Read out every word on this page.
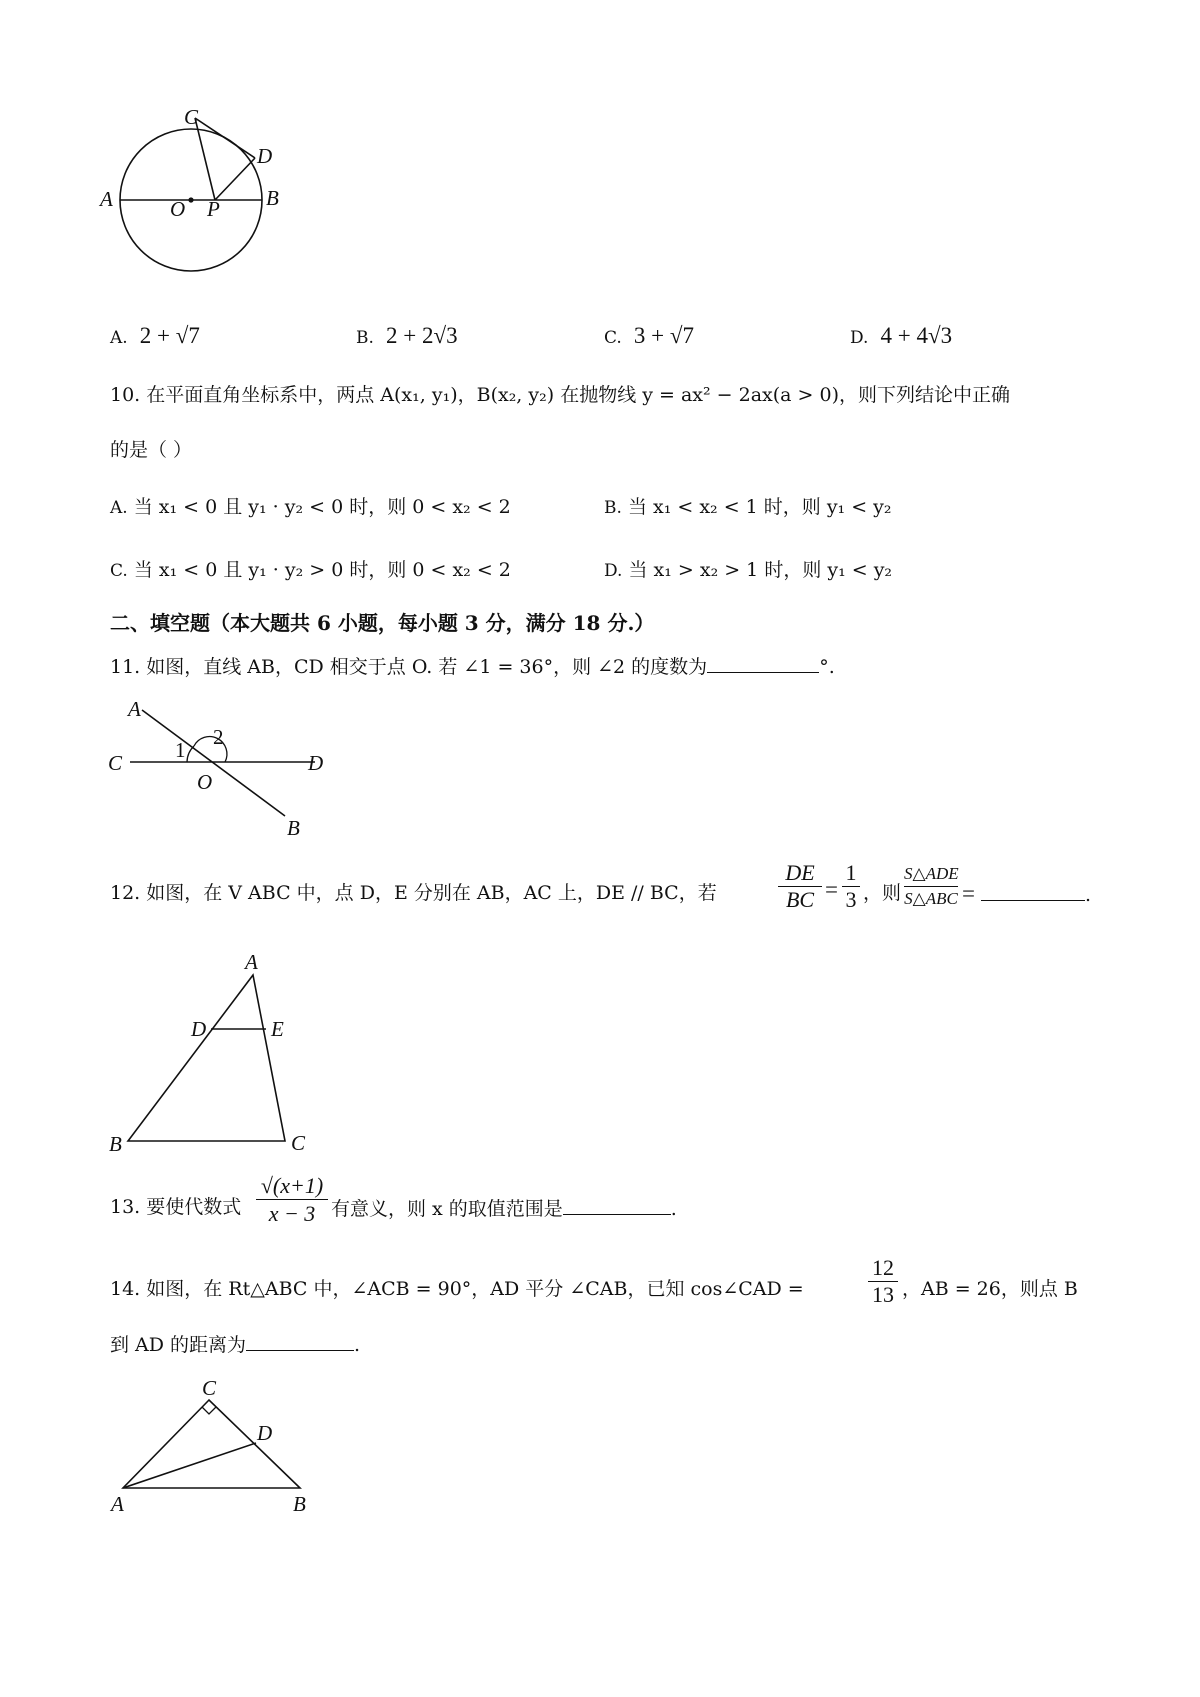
C
D
A	O P B
A. 2 + √7	B. 2 + 2√3	C. 3 + √7	D. 4 + 4√3
10. 在平面直角坐标系中，两点 A(x₁, y₁)，B(x₂, y₂) 在抛物线 y = ax² − 2ax(a > 0)，则下列结论中正确
的是（ ）
A. 当 x₁ < 0 且 y₁ · y₂ < 0 时，则 0 < x₂ < 2	B. 当 x₁ < x₂ < 1 时，则 y₁ < y₂
C. 当 x₁ < 0 且 y₁ · y₂ > 0 时，则 0 < x₂ < 2	D. 当 x₁ > x₂ > 1 时，则 y₁ < y₂
二、填空题（本大题共 6 小题，每小题 3 分，满分 18 分.）
11. 如图，直线 AB，CD 相交于点 O. 若 ∠1 = 36°，则 ∠2 的度数为	°.
A
C	D
O
B
1
2
12. 如图，在 V ABC 中，点 D，E 分别在 AB，AC 上，DE // BC，若	$\frac{DE}{BC} = \frac{1}{3}$ ，则
S△ADE
S△ABC =	.
A
D	E
B	C
13. 要使代数式 $\frac{√(x+1)}{x - 3}$ 有意义，则 x 的取值范围是	.
14. 如图，在 Rt△ABC 中，∠ACB = 90°，AD 平分 ∠CAB，已知 cos∠CAD =	$\frac{12}{13}$ ，AB = 26，则点 B
到 AD 的距离为	.
C
D
A	B
